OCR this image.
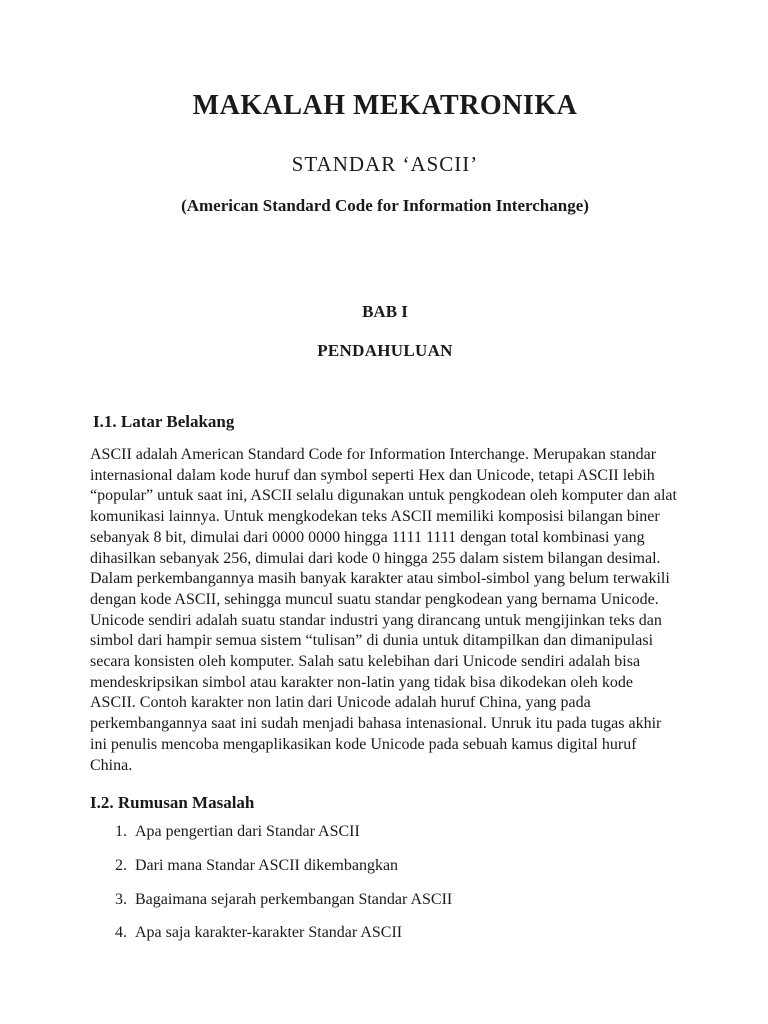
MAKALAH MEKATRONIKA
STANDAR ‘ASCII’
(American Standard Code for Information Interchange)

BAB I

PENDAHULUAN

I.1. Latar Belakang

ASCII adalah American Standard Code for Information Interchange. Merupakan standar internasional dalam kode huruf dan symbol seperti Hex dan Unicode, tetapi ASCII lebih “popular” untuk saat ini, ASCII selalu digunakan untuk pengkodean oleh komputer dan alat komunikasi lainnya. Untuk mengkodekan teks ASCII memiliki komposisi bilangan biner sebanyak 8 bit, dimulai dari 0000 0000 hingga 1111 1111 dengan total kombinasi yang dihasilkan sebanyak 256, dimulai dari kode 0 hingga 255 dalam sistem bilangan desimal. Dalam perkembangannya masih banyak karakter atau simbol-simbol yang belum terwakili dengan kode ASCII, sehingga muncul suatu standar pengkodean yang bernama Unicode. Unicode sendiri adalah suatu standar industri yang dirancang untuk mengijinkan teks dan simbol dari hampir semua sistem “tulisan” di dunia untuk ditampilkan dan dimanipulasi secara konsisten oleh komputer. Salah satu kelebihan dari Unicode sendiri adalah bisa mendeskripsikan simbol atau karakter non-latin yang tidak bisa dikodekan oleh kode ASCII. Contoh karakter non latin dari Unicode adalah huruf China, yang pada perkembangannya saat ini sudah menjadi bahasa intenasional. Unruk itu pada tugas akhir ini penulis mencoba mengaplikasikan kode Unicode pada sebuah kamus digital huruf China.

I.2. Rumusan Masalah
1. Apa pengertian dari Standar ASCII
2. Dari mana Standar ASCII dikembangkan
3. Bagaimana sejarah perkembangan Standar ASCII
4. Apa saja karakter-karakter Standar ASCII
